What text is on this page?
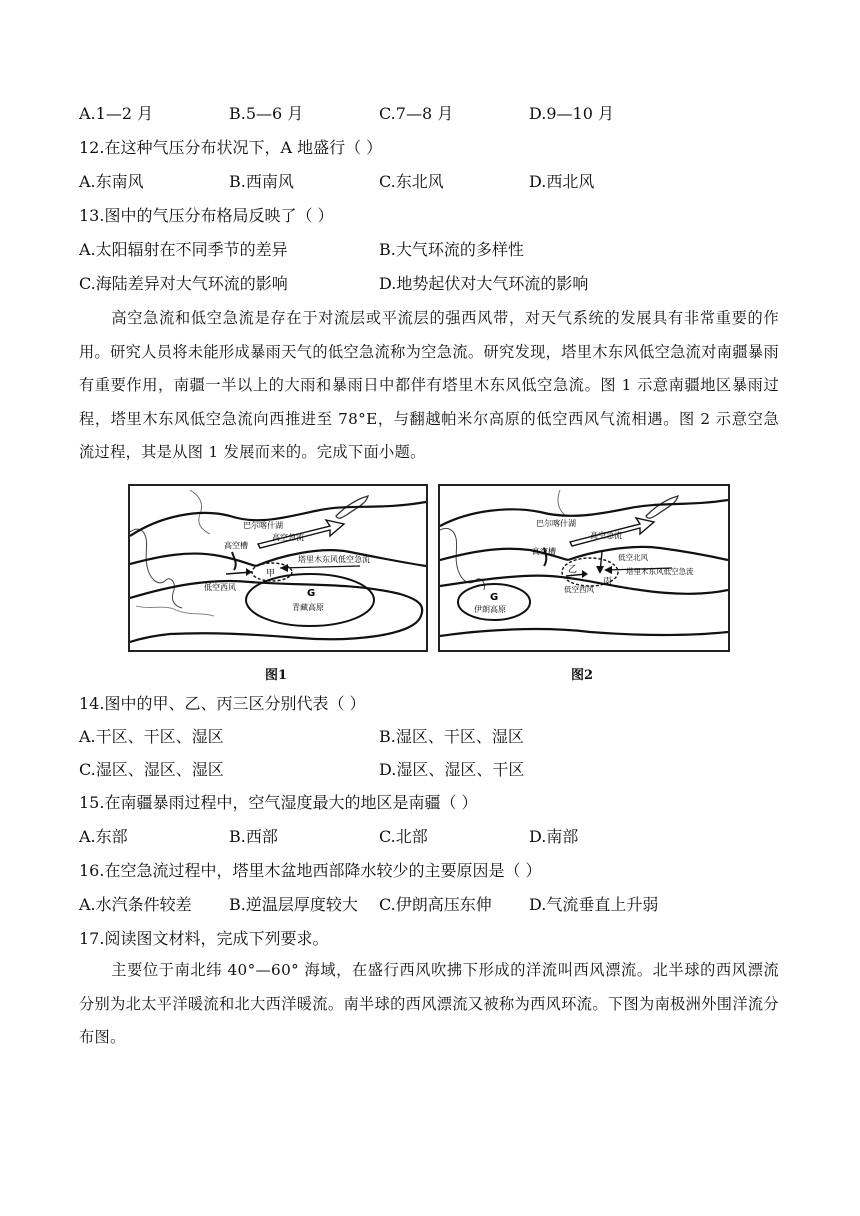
A.1—2 月	B.5—6 月	C.7—8 月	D.9—10 月
12.在这种气压分布状况下，A 地盛行（ ）
A.东南风	B.西南风	C.东北风	D.西北风
13.图中的气压分布格局反映了（ ）
A.太阳辐射在不同季节的差异	B.大气环流的多样性
C.海陆差异对大气环流的影响	D.地势起伏对大气环流的影响
高空急流和低空急流是存在于对流层或平流层的强西风带，对天气系统的发展具有非常重要的作用。研究人员将未能形成暴雨天气的低空急流称为空急流。研究发现，塔里木东风低空急流对南疆暴雨有重要作用，南疆一半以上的大雨和暴雨日中都伴有塔里木东风低空急流。图 1 示意南疆地区暴雨过程，塔里木东风低空急流向西推进至 78°E，与翻越帕米尔高原的低空西风气流相遇。图 2 示意空急流过程，其是从图 1 发展而来的。完成下面小题。
巴尔喀什湖
高空急流
高空槽
塔里木东风低空急流
甲
低空西风
G
青藏高原
图1
巴尔喀什湖
高空急流
高空槽
低空北风
塔里木东风低空急流
乙
丙
低空西风
G
伊朗高原
图2
14.图中的甲、乙、丙三区分别代表（ ）
A.干区、干区、湿区	B.湿区、干区、湿区
C.湿区、湿区、湿区	D.湿区、湿区、干区
15.在南疆暴雨过程中，空气湿度最大的地区是南疆（ ）
A.东部	B.西部	C.北部	D.南部
16.在空急流过程中，塔里木盆地西部降水较少的主要原因是（ ）
A.水汽条件较差 B.逆温层厚度较大 C.伊朗高压东伸 D.气流垂直上升弱
17.阅读图文材料，完成下列要求。
主要位于南北纬 40°—60° 海域，在盛行西风吹拂下形成的洋流叫西风漂流。北半球的西风漂流分别为北太平洋暖流和北大西洋暖流。南半球的西风漂流又被称为西风环流。下图为南极洲外围洋流分布图。
